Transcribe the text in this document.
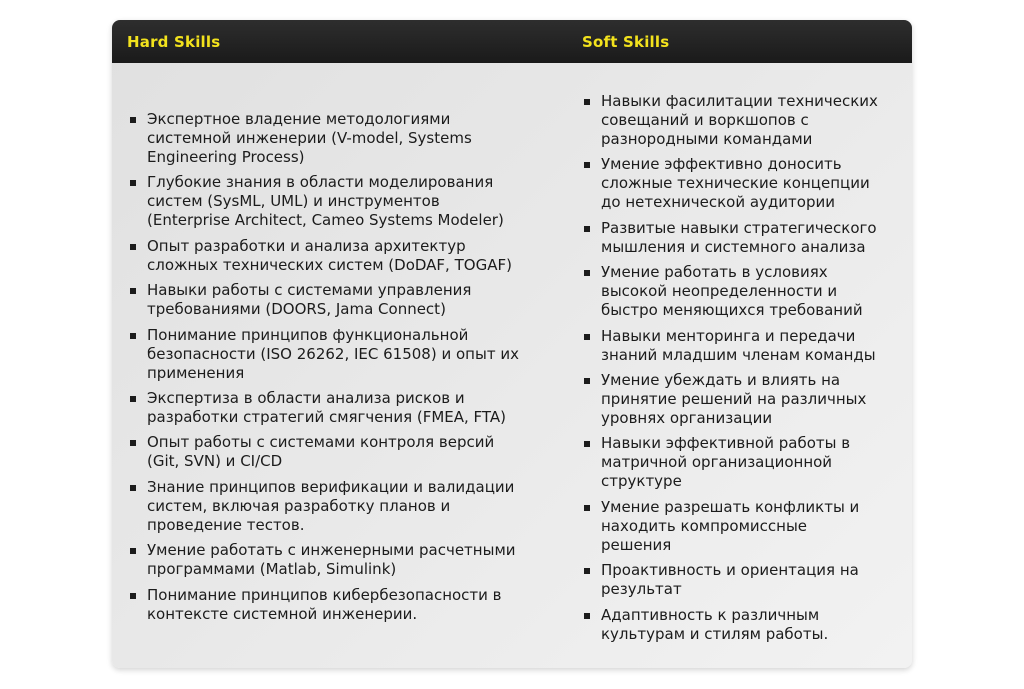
Hard Skills	Soft Skills
Экспертное владение методологиями
системной инженерии (V-model, Systems
Engineering Process)
Глубокие знания в области моделирования
систем (SysML, UML) и инструментов
(Enterprise Architect, Cameo Systems Modeler)
Опыт разработки и анализа архитектур
сложных технических систем (DoDAF, TOGAF)
Навыки работы с системами управления
требованиями (DOORS, Jama Connect)
Понимание принципов функциональной
безопасности (ISO 26262, IEC 61508) и опыт их
применения
Экспертиза в области анализа рисков и
разработки стратегий смягчения (FMEA, FTA)
Опыт работы с системами контроля версий
(Git, SVN) и CI/CD
Знание принципов верификации и валидации
систем, включая разработку планов и
проведение тестов.
Умение работать с инженерными расчетными
программами (Matlab, Simulink)
Понимание принципов кибербезопасности в
контексте системной инженерии.
Навыки фасилитации технических
совещаний и воркшопов с
разнородными командами
Умение эффективно доносить
сложные технические концепции
до нетехнической аудитории
Развитые навыки стратегического
мышления и системного анализа
Умение работать в условиях
высокой неопределенности и
быстро меняющихся требований
Навыки менторинга и передачи
знаний младшим членам команды
Умение убеждать и влиять на
принятие решений на различных
уровнях организации
Навыки эффективной работы в
матричной организационной
структуре
Умение разрешать конфликты и
находить компромиссные
решения
Проактивность и ориентация на
результат
Адаптивность к различным
культурам и стилям работы.
